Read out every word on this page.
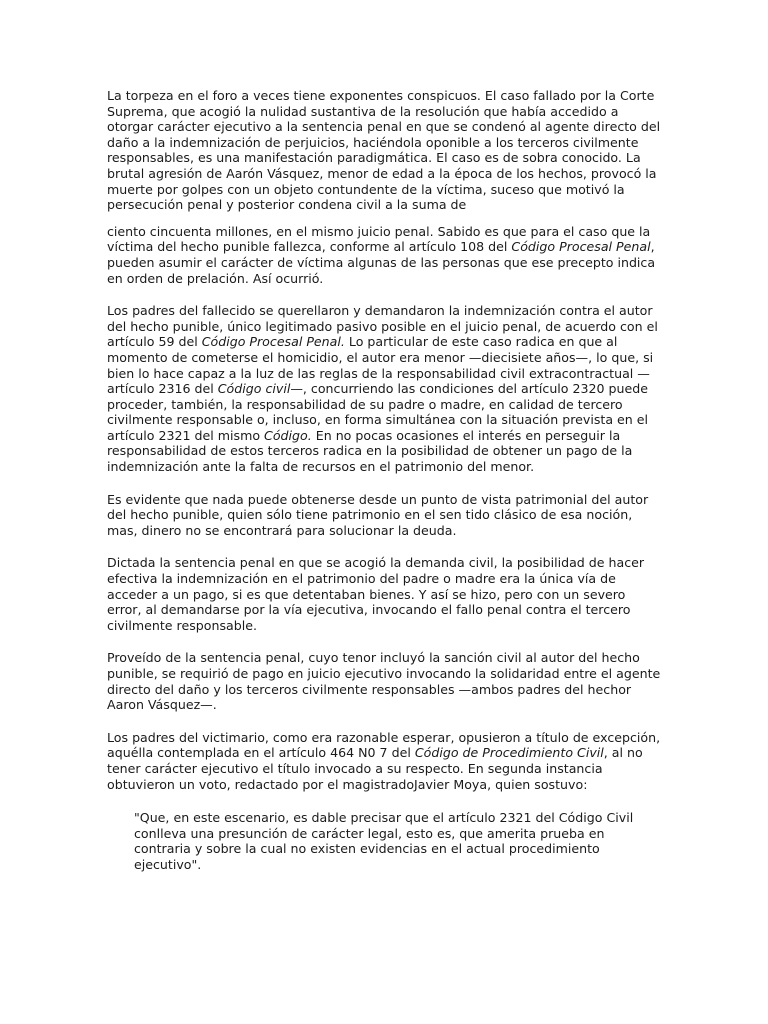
La torpeza en el foro a veces tiene exponentes conspicuos. El caso fallado por la Corte Suprema, que acogió la nulidad sustantiva de la resolución que había accedido a otorgar carácter ejecutivo a la sentencia penal en que se condenó al agente directo del daño a la indemnización de perjuicios, haciéndola oponible a los terceros civilmente responsables, es una manifestación paradigmática. El caso es de sobra conocido. La brutal agresión de Aarón Vásquez, menor de edad a la época de los hechos, provocó la muerte por golpes con un objeto contundente de la víctima, suceso que motivó la persecución penal y posterior condena civil a la suma de

ciento cincuenta millones, en el mismo juicio penal. Sabido es que para el caso que la víctima del hecho punible fallezca, conforme al artículo 108 del Código Procesal Penal, pueden asumir el carácter de víctima algunas de las personas que ese precepto indica en orden de prelación. Así ocurrió.

Los padres del fallecido se querellaron y demandaron la indemnización contra el autor del hecho punible, único legitimado pasivo posible en el juicio penal, de acuerdo con el artículo 59 del Código Procesal Penal. Lo particular de este caso radica en que al momento de cometerse el homicidio, el autor era menor —diecisiete años—, lo que, si bien lo hace capaz a la luz de las reglas de la responsabilidad civil extracontractual —artículo 2316 del Código civil—, concurriendo las condiciones del artículo 2320 puede proceder, también, la responsabilidad de su padre o madre, en calidad de tercero civilmente responsable o, incluso, en forma simultánea con la situación prevista en el artículo 2321 del mismo Código. En no pocas ocasiones el interés en perseguir la responsabilidad de estos terceros radica en la posibilidad de obtener un pago de la indemnización ante la falta de recursos en el patrimonio del menor.

Es evidente que nada puede obtenerse desde un punto de vista patrimonial del autor del hecho punible, quien sólo tiene patrimonio en el sen tido clásico de esa noción, mas, dinero no se encontrará para solucionar la deuda.

Dictada la sentencia penal en que se acogió la demanda civil, la posibilidad de hacer efectiva la indemnización en el patrimonio del padre o madre era la única vía de acceder a un pago, si es que detentaban bienes. Y así se hizo, pero con un severo error, al demandarse por la vía ejecutiva, invocando el fallo penal contra el tercero civilmente responsable.

Proveído de la sentencia penal, cuyo tenor incluyó la sanción civil al autor del hecho punible, se requirió de pago en juicio ejecutivo invocando la solidaridad entre el agente directo del daño y los terceros civilmente responsables —ambos padres del hechor Aaron Vásquez—.

Los padres del victimario, como era razonable esperar, opusieron a título de excepción, aquélla contemplada en el artículo 464 N0 7 del Código de Procedimiento Civil, al no tener carácter ejecutivo el título invocado a su respecto. En segunda instancia obtuvieron un voto, redactado por el magistradoJavier Moya, quien sostuvo:

"Que, en este escenario, es dable precisar que el artículo 2321 del Código Civil conlleva una presunción de carácter legal, esto es, que amerita prueba en contraria y sobre la cual no existen evidencias en el actual procedimiento ejecutivo".
